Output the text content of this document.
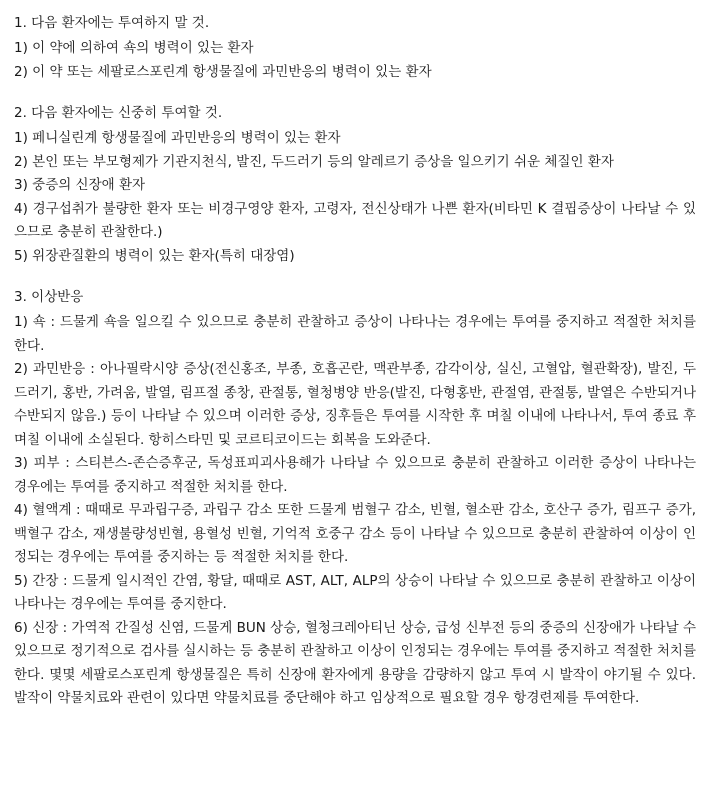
1. 다음 환자에는 투여하지 말 것.

1) 이 약에 의하여 쇽의 병력이 있는 환자

2) 이 약 또는 세팔로스포린계 항생물질에 과민반응의 병력이 있는 환자

2. 다음 환자에는 신중히 투여할 것.

1) 페니실린계 항생물질에 과민반응의 병력이 있는 환자

2) 본인 또는 부모형제가 기관지천식, 발진, 두드러기 등의 알레르기 증상을 일으키기 쉬운 체질인 환자

3) 중증의 신장애 환자

4) 경구섭취가 불량한 환자 또는 비경구영양 환자, 고령자, 전신상태가 나쁜 환자(비타민 K 결핍증상이 나타날 수 있으므로 충분히 관찰한다.)

5) 위장관질환의 병력이 있는 환자(특히 대장염)

3. 이상반응

1) 쇽 : 드물게 쇽을 일으킬 수 있으므로 충분히 관찰하고 증상이 나타나는 경우에는 투여를 중지하고 적절한 처치를 한다.

2) 과민반응 : 아나필락시양 증상(전신홍조, 부종, 호흡곤란, 맥관부종, 감각이상, 실신, 고혈압, 혈관확장), 발진, 두드러기, 홍반, 가려움, 발열, 림프절 종창, 관절통, 혈청병양 반응(발진, 다형홍반, 관절염, 관절통, 발열은 수반되거나 수반되지 않음.) 등이 나타날 수 있으며 이러한 증상, 징후들은 투여를 시작한 후 며칠 이내에 나타나서, 투여 종료 후 며칠 이내에 소실된다. 항히스타민 및 코르티코이드는 회복을 도와준다.

3) 피부 : 스티븐스-존슨증후군, 독성표피괴사용해가 나타날 수 있으므로 충분히 관찰하고 이러한 증상이 나타나는 경우에는 투여를 중지하고 적절한 처치를 한다.

4) 혈액계 : 때때로 무과립구증, 과립구 감소 또한 드물게 범혈구 감소, 빈혈, 혈소판 감소, 호산구 증가, 림프구 증가, 백혈구 감소, 재생불량성빈혈, 용혈성 빈혈, 기억적 호중구 감소 등이 나타날 수 있으므로 충분히 관찰하여 이상이 인정되는 경우에는 투여를 중지하는 등 적절한 처치를 한다.

5) 간장 : 드물게 일시적인 간염, 황달, 때때로 AST, ALT, ALP의 상승이 나타날 수 있으므로 충분히 관찰하고 이상이 나타나는 경우에는 투여를 중지한다.

6) 신장 : 가역적 간질성 신염, 드물게 BUN 상승, 혈청크레아티닌 상승, 급성 신부전 등의 중증의 신장애가 나타날 수 있으므로 정기적으로 검사를 실시하는 등 충분히 관찰하고 이상이 인정되는 경우에는 투여를 중지하고 적절한 처치를 한다. 몇몇 세팔로스포린계 항생물질은 특히 신장애 환자에게 용량을 감량하지 않고 투여 시 발작이 야기될 수 있다. 발작이 약물치료와 관련이 있다면 약물치료를 중단해야 하고 임상적으로 필요할 경우 항경련제를 투여한다.
